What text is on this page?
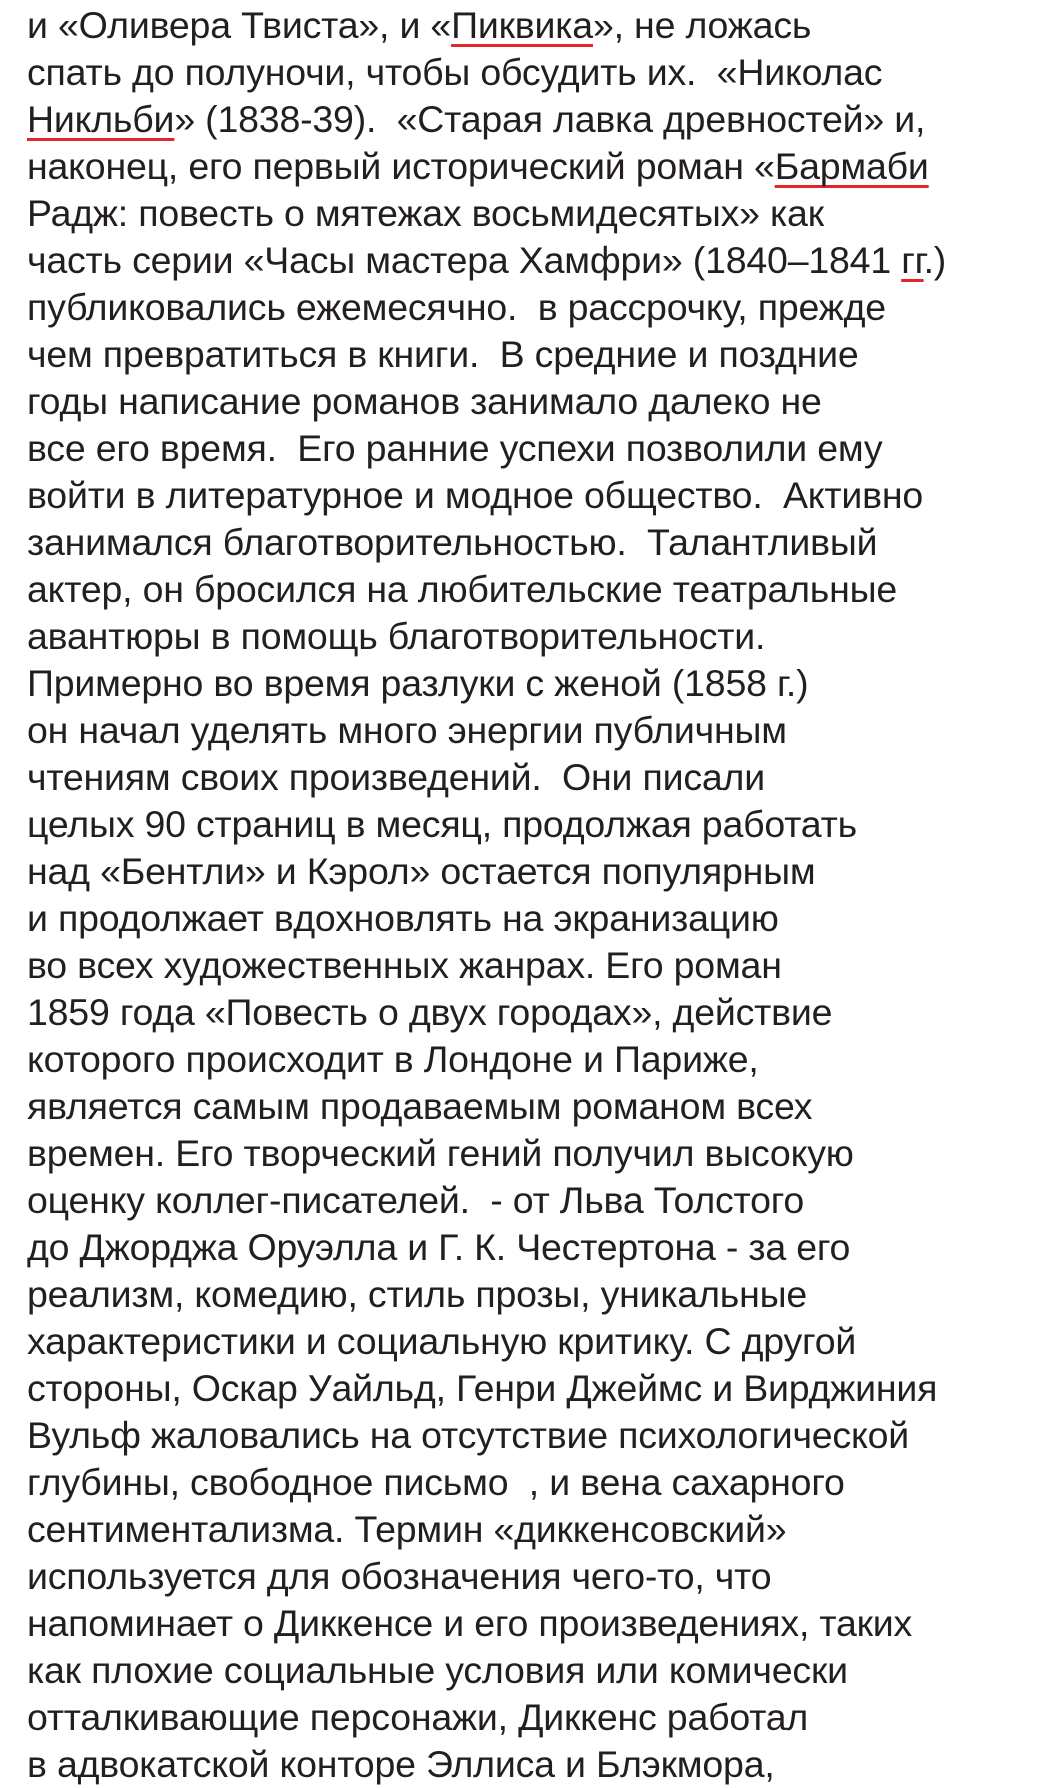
и «Оливера Твиста», и «Пиквика», не ложась
спать до полуночи, чтобы обсудить их.  «Николас
Никльби» (1838-39).  «Старая лавка древностей» и,
наконец, его первый исторический роман «Бармаби
Радж: повесть о мятежах восьмидесятых» как
часть серии «Часы мастера Хамфри» (1840–1841 гг.)
публиковались ежемесячно.  в рассрочку, прежде
чем превратиться в книги.  В средние и поздние
годы написание романов занимало далеко не
все его время.  Его ранние успехи позволили ему
войти в литературное и модное общество.  Активно
занимался благотворительностью.  Талантливый
актер, он бросился на любительские театральные
авантюры в помощь благотворительности.
Примерно во время разлуки с женой (1858 г.)
он начал уделять много энергии публичным
чтениям своих произведений.  Они писали
целых 90 страниц в месяц, продолжая работать
над «Бентли» и Кэрол» остается популярным
и продолжает вдохновлять на экранизацию
во всех художественных жанрах. Его роман
1859 года «Повесть о двух городах», действие
которого происходит в Лондоне и Париже,
является самым продаваемым романом всех
времен. Его творческий гений получил высокую
оценку коллег-писателей.  - от Льва Толстого
до Джорджа Оруэлла и Г. К. Честертона - за его
реализм, комедию, стиль прозы, уникальные
характеристики и социальную критику. С другой
стороны, Оскар Уайльд, Генри Джеймс и Вирджиния
Вульф жаловались на отсутствие психологической
глубины, свободное письмо  , и вена сахарного
сентиментализма. Термин «диккенсовский»
используется для обозначения чего-то, что
напоминает о Диккенсе и его произведениях, таких
как плохие социальные условия или комически
отталкивающие персонажи, Диккенс работал
в адвокатской конторе Эллиса и Блэкмора,
